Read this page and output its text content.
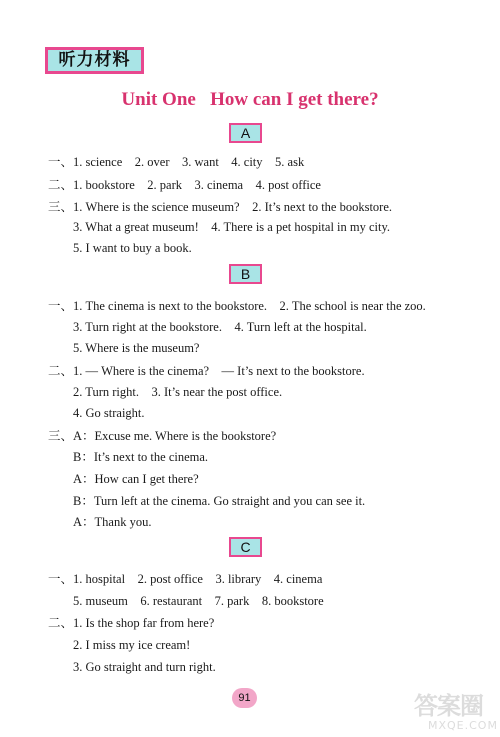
听力材料
Unit One   How can I get there?
A
B
C
一、1. science    2. over    3. want    4. city    5. ask
二、1. bookstore    2. park    3. cinema    4. post office
三、1. Where is the science museum?    2. It’s next to the bookstore.
3. What a great museum!    4. There is a pet hospital in my city.
5. I want to buy a book.
一、1. The cinema is next to the bookstore.    2. The school is near the zoo.
3. Turn right at the bookstore.    4. Turn left at the hospital.
5. Where is the museum?
二、1. — Where is the cinema?    — It’s next to the bookstore.
2. Turn right.    3. It’s near the post office.
4. Go straight.
三、A：Excuse me. Where is the bookstore?
B：It’s next to the cinema.
A：How can I get there?
B：Turn left at the cinema. Go straight and you can see it.
A：Thank you.
一、1. hospital    2. post office    3. library    4. cinema
5. museum    6. restaurant    7. park    8. bookstore
二、1. Is the shop far from here?
2. I miss my ice cream!
3. Go straight and turn right.
91	答案圈
MXQE.COM
